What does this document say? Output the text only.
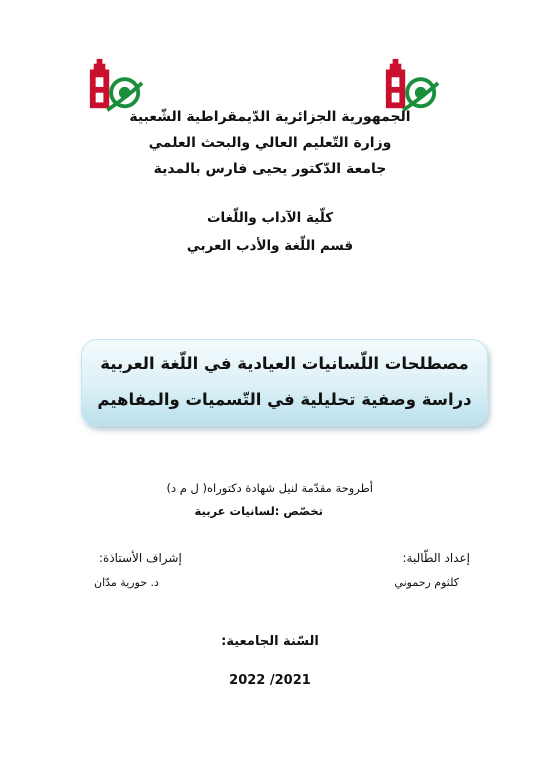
الجمهورية الجزائرية الدّيمقراطية الشّعبية
وزارة التّعليم العالي والبحث العلمي
جامعة الدّكتور يحيى فارس بالمدية
كلّية الآداب واللّغات
قسم اللّغة والأدب العربي
مصطلحات اللّسانيات العيادية في اللّغة العربية
دراسة وصفية تحليلية في التّسميات والمفاهيم
أطروحة مقدّمة لنيل شهادة دكتوراه( ل م د)
تخصّص :لسانيات عربية
إعداد الطّالبة:
كلثوم رحموني
إشراف الأستاذة:
د. حورية مدّان
السّنة الجامعية:
2022 /2021
